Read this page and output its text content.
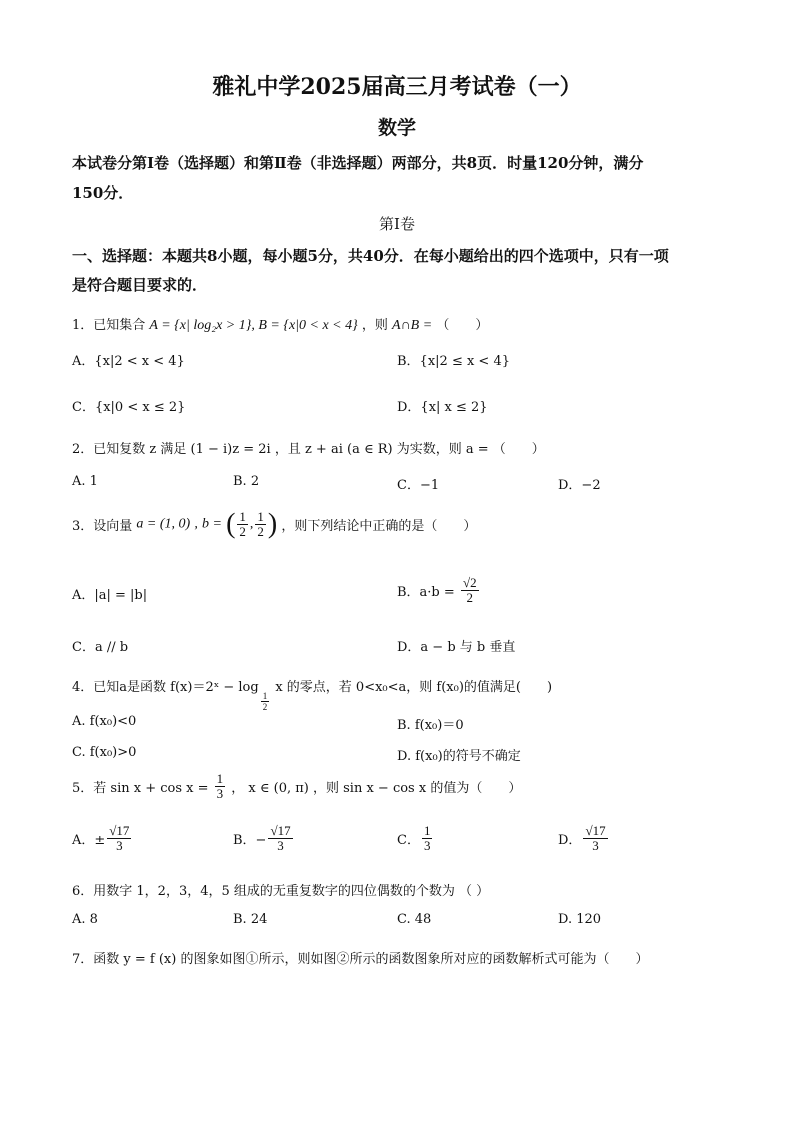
雅礼中学2025届高三月考试卷（一）
数学
本试卷分第Ⅰ卷（选择题）和第Ⅱ卷（非选择题）两部分，共8页．时量120分钟，满分
150分．
第Ⅰ卷
一、选择题：本题共8小题，每小题5分，共40分．在每小题给出的四个选项中，只有一项
是符合题目要求的．
1．已知集合 A = {x| log₂x > 1}, B = {x|0 < x < 4} ，则 A∩B = （　　）
A．{x|2 < x < 4}	B．{x|2 ≤ x < 4}
C．{x|0 < x ≤ 2}	D．{x| x ≤ 2}
2．已知复数 z 满足 (1 − i)z = 2i ，且 z + ai (a ∈ R) 为实数，则 a = （　　）
A. 1	B. 2	C．−1	D．−2
3．设向量 a = (1, 0) , b = ( $\frac{1}{2}$ , $\frac{1}{2}$ ) ，则下列结论中正确的是（　　）
A．|a| = |b|	B．$a\cdot b = \frac{√2}{2}$
C．a // b	D．a − b 与 b 垂直
4．已知a是函数 f(x)＝2ˣ − log
$\frac{1}{2}$
x 的零点，若 0<x₀<a，则 f(x₀)的值满足(　　)
A. f(x₀)<0	B. f(x₀)＝0
C. f(x₀)>0	D. f(x₀)的符号不确定
5．若 $\sin x + \cos x = \frac{1}{3}$ ， x ∈ (0, π) ，则 sin x − cos x 的值为（　　）
A．± $\frac{√17}{3}$	B．− $\frac{√17}{3}$	C． $\frac{1}{3}$	D． $\frac{√17}{3}$
6．用数字 1，2，3，4，5 组成的无重复数字的四位偶数的个数为 （ ）
A. 8	B. 24	C. 48	D. 120
7．函数 y = f (x) 的图象如图①所示，则如图②所示的函数图象所对应的函数解析式可能为（　　）
